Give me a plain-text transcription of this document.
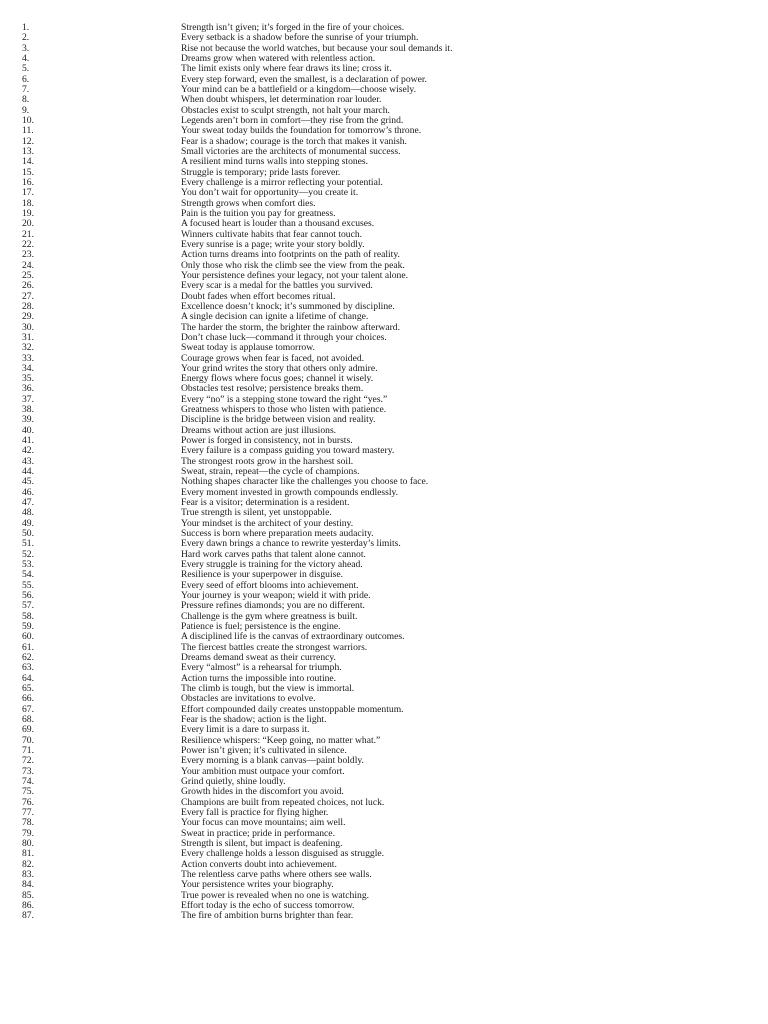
1.	Strength isn’t given; it’s forged in the fire of your choices.
2.	Every setback is a shadow before the sunrise of your triumph.
3.	Rise not because the world watches, but because your soul demands it.
4.	Dreams grow when watered with relentless action.
5.	The limit exists only where fear draws its line; cross it.
6.	Every step forward, even the smallest, is a declaration of power.
7.	Your mind can be a battlefield or a kingdom—choose wisely.
8.	When doubt whispers, let determination roar louder.
9.	Obstacles exist to sculpt strength, not halt your march.
10.	Legends aren’t born in comfort—they rise from the grind.
11.	Your sweat today builds the foundation for tomorrow’s throne.
12.	Fear is a shadow; courage is the torch that makes it vanish.
13.	Small victories are the architects of monumental success.
14.	A resilient mind turns walls into stepping stones.
15.	Struggle is temporary; pride lasts forever.
16.	Every challenge is a mirror reflecting your potential.
17.	You don’t wait for opportunity—you create it.
18.	Strength grows when comfort dies.
19.	Pain is the tuition you pay for greatness.
20.	A focused heart is louder than a thousand excuses.
21.	Winners cultivate habits that fear cannot touch.
22.	Every sunrise is a page; write your story boldly.
23.	Action turns dreams into footprints on the path of reality.
24.	Only those who risk the climb see the view from the peak.
25.	Your persistence defines your legacy, not your talent alone.
26.	Every scar is a medal for the battles you survived.
27.	Doubt fades when effort becomes ritual.
28.	Excellence doesn’t knock; it’s summoned by discipline.
29.	A single decision can ignite a lifetime of change.
30.	The harder the storm, the brighter the rainbow afterward.
31.	Don’t chase luck—command it through your choices.
32.	Sweat today is applause tomorrow.
33.	Courage grows when fear is faced, not avoided.
34.	Your grind writes the story that others only admire.
35.	Energy flows where focus goes; channel it wisely.
36.	Obstacles test resolve; persistence breaks them.
37.	Every “no” is a stepping stone toward the right “yes.”
38.	Greatness whispers to those who listen with patience.
39.	Discipline is the bridge between vision and reality.
40.	Dreams without action are just illusions.
41.	Power is forged in consistency, not in bursts.
42.	Every failure is a compass guiding you toward mastery.
43.	The strongest roots grow in the harshest soil.
44.	Sweat, strain, repeat—the cycle of champions.
45.	Nothing shapes character like the challenges you choose to face.
46.	Every moment invested in growth compounds endlessly.
47.	Fear is a visitor; determination is a resident.
48.	True strength is silent, yet unstoppable.
49.	Your mindset is the architect of your destiny.
50.	Success is born where preparation meets audacity.
51.	Every dawn brings a chance to rewrite yesterday’s limits.
52.	Hard work carves paths that talent alone cannot.
53.	Every struggle is training for the victory ahead.
54.	Resilience is your superpower in disguise.
55.	Every seed of effort blooms into achievement.
56.	Your journey is your weapon; wield it with pride.
57.	Pressure refines diamonds; you are no different.
58.	Challenge is the gym where greatness is built.
59.	Patience is fuel; persistence is the engine.
60.	A disciplined life is the canvas of extraordinary outcomes.
61.	The fiercest battles create the strongest warriors.
62.	Dreams demand sweat as their currency.
63.	Every “almost” is a rehearsal for triumph.
64.	Action turns the impossible into routine.
65.	The climb is tough, but the view is immortal.
66.	Obstacles are invitations to evolve.
67.	Effort compounded daily creates unstoppable momentum.
68.	Fear is the shadow; action is the light.
69.	Every limit is a dare to surpass it.
70.	Resilience whispers: “Keep going, no matter what.”
71.	Power isn’t given; it’s cultivated in silence.
72.	Every morning is a blank canvas—paint boldly.
73.	Your ambition must outpace your comfort.
74.	Grind quietly, shine loudly.
75.	Growth hides in the discomfort you avoid.
76.	Champions are built from repeated choices, not luck.
77.	Every fall is practice for flying higher.
78.	Your focus can move mountains; aim well.
79.	Sweat in practice; pride in performance.
80.	Strength is silent, but impact is deafening.
81.	Every challenge holds a lesson disguised as struggle.
82.	Action converts doubt into achievement.
83.	The relentless carve paths where others see walls.
84.	Your persistence writes your biography.
85.	True power is revealed when no one is watching.
86.	Effort today is the echo of success tomorrow.
87.	The fire of ambition burns brighter than fear.
